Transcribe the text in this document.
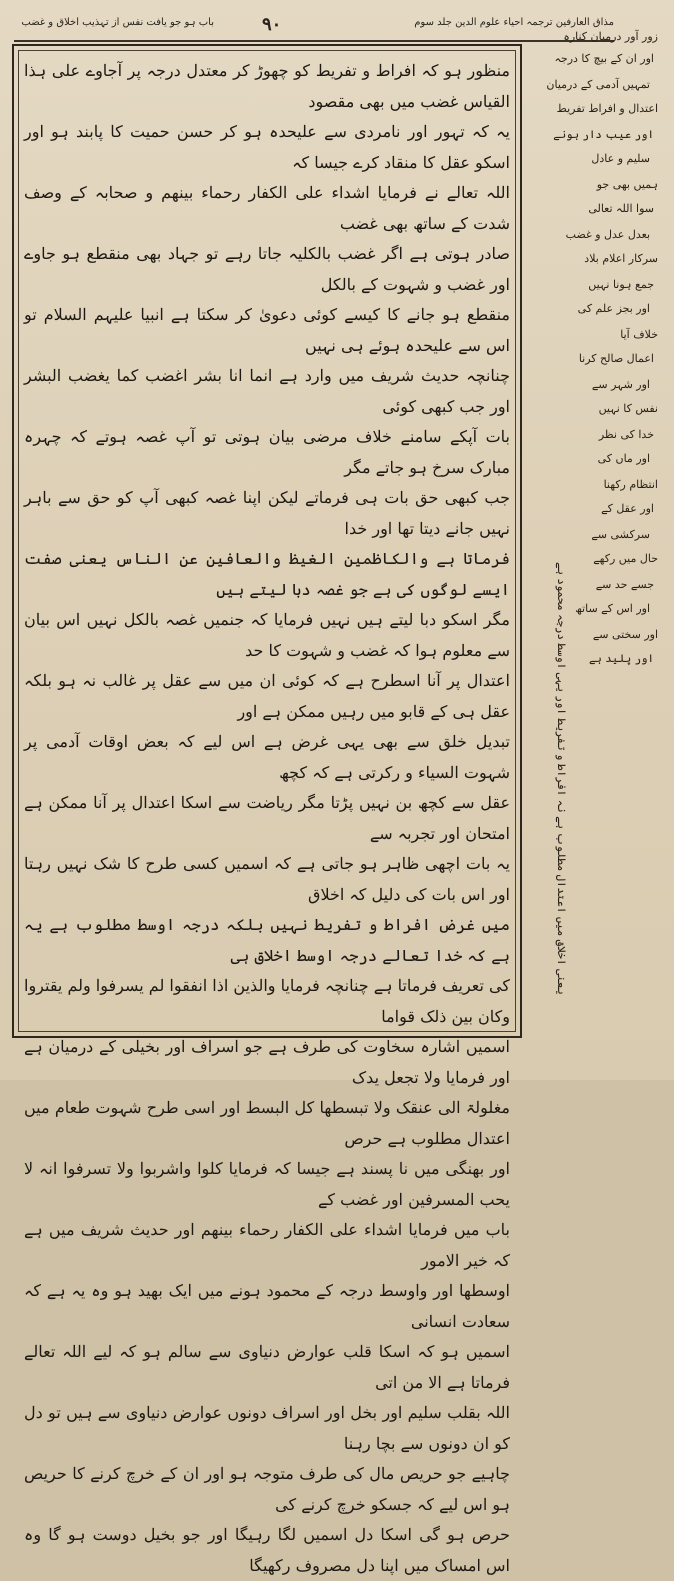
باب ہو جو یافت نفس از تہذیب اخلاق و غضب	۹۰	مذاق العارفين ترجمہ احیاء علوم الدین جلد سوم

منظور ہو کہ افراط و تفریط کو چھوڑ کر معتدل درجہ پر آجاوے علی ہذا القیاس غضب میں بھی مقصود

یہ کہ تہور اور نامردی سے علیحدہ ہو کر حسن حمیت کا پابند ہو اور اسکو عقل کا منقاد کرے جیسا کہ

اللہ تعالے نے فرمایا اشداء علی الکفار رحماء بینھم و صحابہ کے وصف شدت کے ساتھ بھی غضب

صادر ہوتی ہے اگر غضب بالکلیہ جاتا رہے تو جہاد بھی منقطع ہو جاوے اور غضب و شہوت کے بالکل

منقطع ہو جانے کا کیسے کوئی دعویٰ کر سکتا ہے انبیا علیہم السلام تو اس سے علیحدہ ہوئے ہی نہیں

چنانچہ حدیث شریف میں وارد ہے انما انا بشر اغضب کما یغضب البشر اور جب کبھی کوئی

بات آپکے سامنے خلاف مرضی بیان ہوتی تو آپ غصہ ہوتے کہ چہرہ مبارک سرخ ہو جاتے مگر

جب کبھی حق بات ہی فرماتے لیکن اپنا غصہ کبھی آپ کو حق سے باہر نہیں جانے دیتا تھا اور خدا

فرماتا ہے والکاظمین الغیظ والعافین عن الناس یعنی صفت ایسے لوگوں کی ہے جو غصہ دبا لیتے ہیں

مگر اسکو دبا لیتے ہیں نہیں فرمایا کہ جنمیں غصہ بالکل نہیں اس بیان سے معلوم ہوا کہ غضب و شہوت کا حد

اعتدال پر آنا اسطرح ہے کہ کوئی ان میں سے عقل پر غالب نہ ہو بلکہ عقل ہی کے قابو میں رہیں ممکن ہے اور

تبدیل خلق سے بھی یہی غرض ہے اس لیے کہ بعض اوقات آدمی پر شہوت السیاء و رکرتی ہے کہ کچھ

عقل سے کچھ بن نہیں پڑتا مگر ریاضت سے اسکا اعتدال پر آنا ممکن ہے امتحان اور تجربہ سے

یہ بات اچھی ظاہر ہو جاتی ہے کہ اسمیں کسی طرح کا شک نہیں رہتا اور اس بات کی دلیل کہ اخلاق

میں غرض افراط و تفریط نہیں بلکہ درجہ اوسط مطلوب ہے یہ ہے کہ خدا تعالے درجہ اوسط اخلاق ہی

کی تعریف فرماتا ہے چنانچہ فرمایا والذین اذا انفقوا لم یسرفوا ولم یقتروا وکان بین ذلک قواما

اسمیں اشارہ سخاوت کی طرف ہے جو اسراف اور بخیلی کے درمیان ہے اور فرمایا ولا تجعل یدک

مغلولۃ الی عنقک ولا تبسطھا کل البسط اور اسی طرح شہوت طعام میں اعتدال مطلوب ہے حرص

اور بھنگی میں نا پسند ہے جیسا کہ فرمایا کلوا واشربوا ولا تسرفوا انہ لا یحب المسرفین اور غضب کے

باب میں فرمایا اشداء علی الکفار رحماء بینھم اور حدیث شریف میں ہے کہ خیر الامور

اوسطھا اور واوسط درجہ کے محمود ہونے میں ایک بھید ہو وہ یہ ہے کہ سعادت انسانی

اسمیں ہو کہ اسکا قلب عوارض دنیاوی سے سالم ہو کہ لیے اللہ تعالے فرماتا ہے الا من اتی

اللہ بقلب سلیم اور بخل اور اسراف دونوں عوارض دنیاوی سے ہیں تو دل کو ان دونوں سے بچا رہنا

چاہیے جو حریص مال کی طرف متوجہ ہو اور ان کے خرچ کرنے کا حریص ہو اس لیے کہ جسکو خرچ کرنے کی

حرص ہو گی اسکا دل اسمیں لگا رہیگا اور جو بخیل دوست ہو گا وہ اس امساک میں اپنا دل مصروف رکھیگا

زور آور درمیان کنارہ
اور ان کے بیچ کا درجہ
تمہیں آدمی کے درمیان
اعتدال و افراط تفریط
اور عیب دار ہونے
سلیم و عادل
ہمیں بھی جو
سوا اللہ تعالی
بعدل عدل و غضب
سرکار اعلام بلاد
جمع ہونا نہیں
اور بجز علم کی
خلاف آیا
اعمال صالح کرنا
اور شہر سے
نفس کا نہیں
خدا کی نظر
اور ماں کی
انتظام رکھنا
اور عقل کے
سرکشی سے
حال میں رکھے
جسے حد سے
اور اس کے ساتھ
اور سختی سے
اور پلید ہے
یعنی اخلاق میں اعتدال مطلوب ہے نہ افراط و تفریط اور یہی اوسط درجہ محمود ہے
